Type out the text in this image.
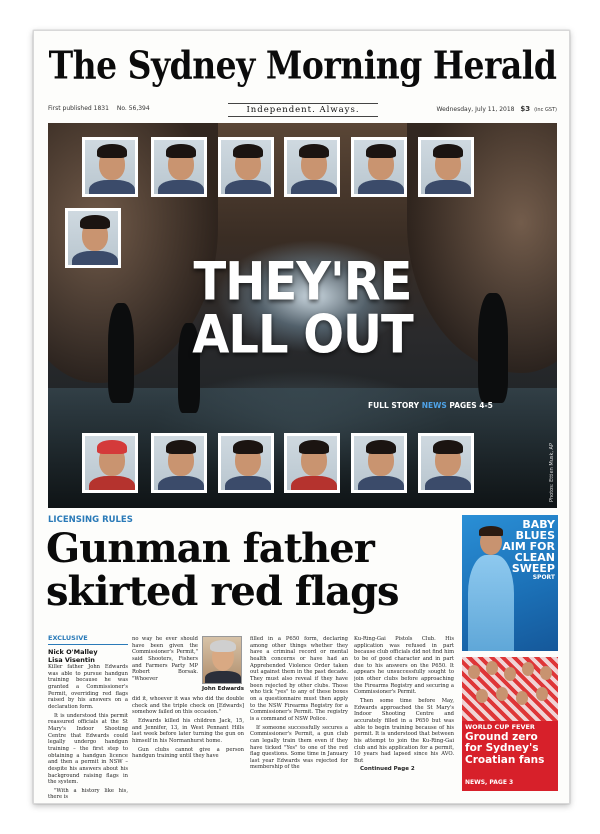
The Sydney Morning Herald
First published 1831 No. 56,394	Wednesday, July 11, 2018 $3 (inc GST)
Independent. Always.
THEY'RE
ALL OUT
FULL STORY NEWS PAGES 4-5
Photos: Ettien Musk, AP
LICENSING RULES
Gunman father skirted red flags
EXCLUSIVE
Nick O'Malley
Lisa Visentin

Killer father John Edwards was able to pursue handgun training because he was granted a Commissioner's Permit, overriding red flags raised by his answers on a declaration form.

It is understood this permit reassured officials at the St Mary's Indoor Shooting Centre that Edwards could legally undergo handgun training – the first step to obtaining a handgun licence and then a permit in NSW – despite his answers about his background raising flags in the system.

"With a history like his, there is

no way he ever should have been given the Commissioner's Permit," said Shooters, Fishers and Farmers Party MP Robert Borsak. "Whoever

John Edwards

did it, whoever it was who did the double check and the triple check on [Edwards] somehow failed on this occasion."

Edwards killed his children Jack, 15, and Jennifer, 13, in West Pennant Hills last week before later turning the gun on himself in his Normanhurst home.

Gun clubs cannot give a person handgun training until they have

filled in a P650 form, declaring among other things whether they have a criminal record or mental health concerns or have had an Apprehended Violence Order taken out against them in the past decade. They must also reveal if they have been rejected by other clubs. Those who tick "yes" to any of these boxes on a questionnaire must then apply to the NSW Firearms Registry for a Commissioner's Permit. The registry is a command of NSW Police.

If someone successfully secures a Commissioner's Permit, a gun club can legally train them even if they have ticked "Yes" to one of the red flag questions. Some time in January last year Edwards was rejected for membership of the

Ku-Ring-Gai Pistols Club. His application was refused in part because club officials did not find him to be of good character and in part due to his answers on the P650. It appears he unsuccessfully sought to join other clubs before approaching the Firearms Registry and securing a Commissioner's Permit.

Then some time before May, Edwards approached the St Mary's Indoor Shooting Centre and accurately filled in a P650 but was able to begin training because of his permit. It is understood that between his attempt to join the Ku-Ring-Gai club and his application for a permit, 10 years had lapsed since his AVO. But

Continued Page 2

BABY
BLUES
AIM FOR
CLEAN
SWEEP
SPORT
WORLD CUP FEVER
Ground zero for Sydney's Croatian fans
NEWS, PAGE 3
